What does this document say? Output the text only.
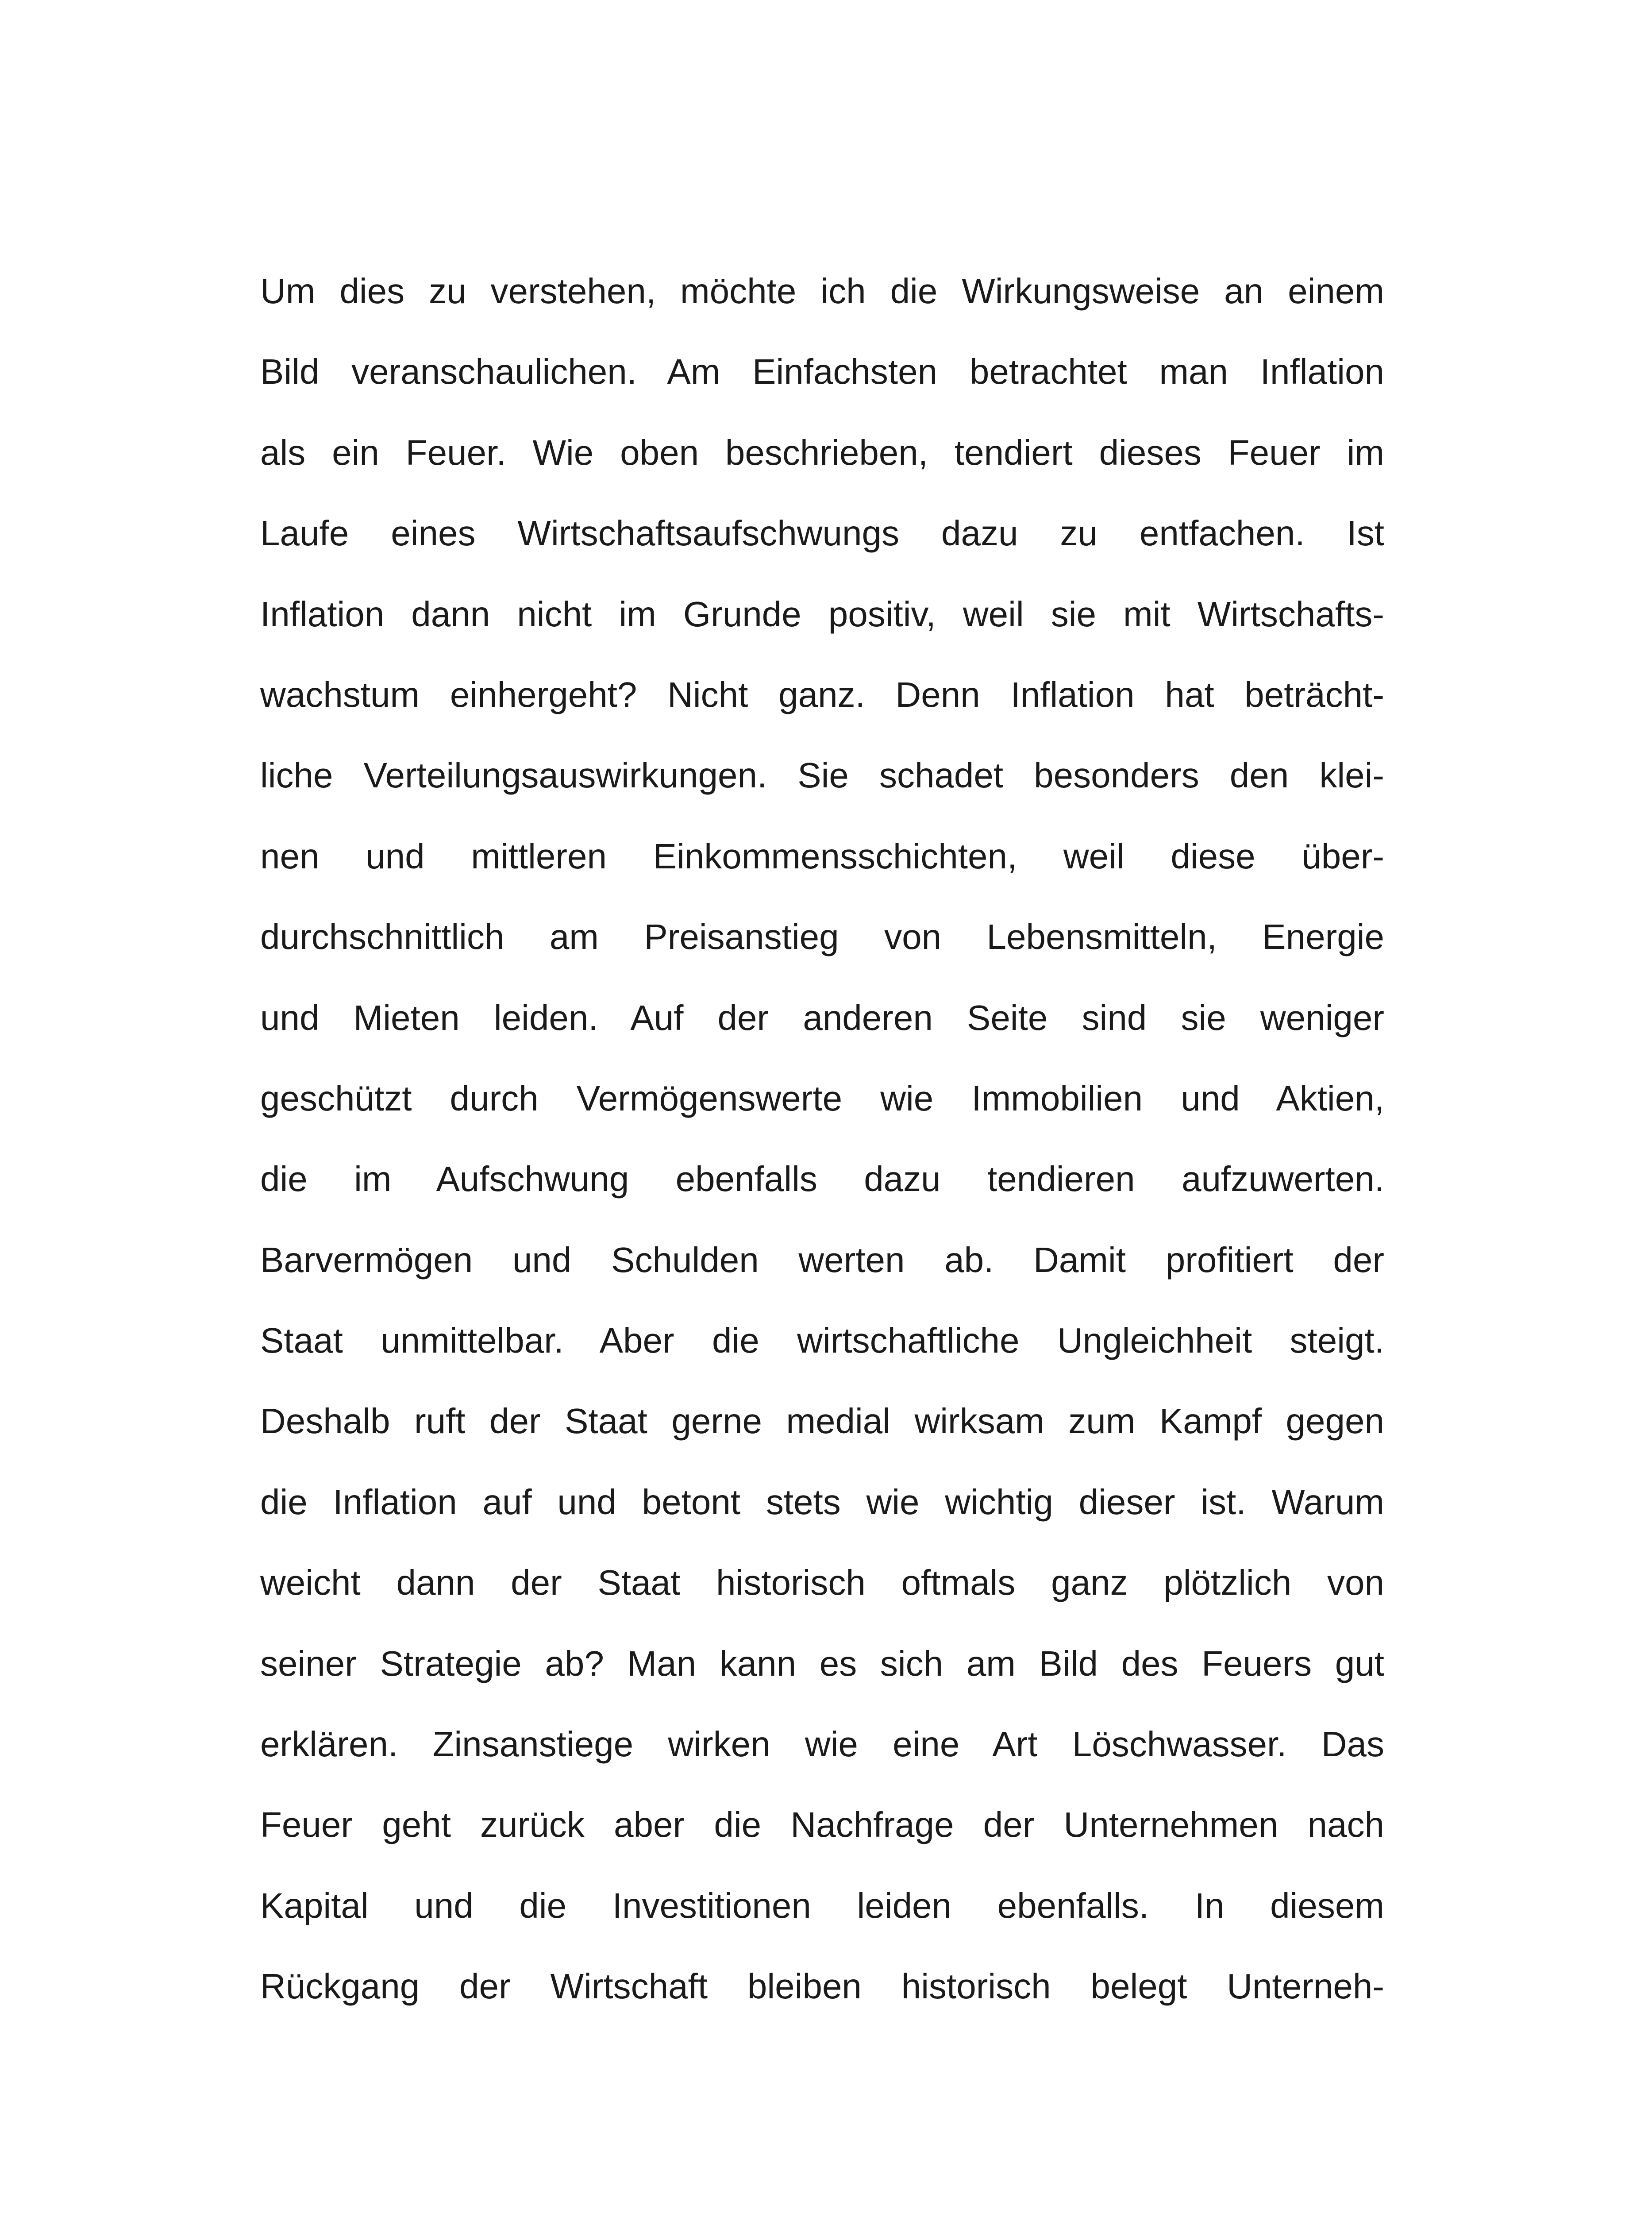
Um dies zu verstehen, möchte ich die Wirkungsweise an einem
Bild veranschaulichen. Am Einfachsten betrachtet man Inflation
als ein Feuer. Wie oben beschrieben, tendiert dieses Feuer im
Laufe eines Wirtschaftsaufschwungs dazu zu entfachen. Ist
Inflation dann nicht im Grunde positiv, weil sie mit Wirtschafts-
wachstum einhergeht? Nicht ganz. Denn Inflation hat beträcht-
liche Verteilungsauswirkungen. Sie schadet besonders den klei-
nen und mittleren Einkommensschichten, weil diese über-
durchschnittlich am Preisanstieg von Lebensmitteln, Energie
und Mieten leiden. Auf der anderen Seite sind sie weniger
geschützt durch Vermögenswerte wie Immobilien und Aktien,
die im Aufschwung ebenfalls dazu tendieren aufzuwerten.
Barvermögen und Schulden werten ab. Damit profitiert der
Staat unmittelbar. Aber die wirtschaftliche Ungleichheit steigt.
Deshalb ruft der Staat gerne medial wirksam zum Kampf gegen
die Inflation auf und betont stets wie wichtig dieser ist. Warum
weicht dann der Staat historisch oftmals ganz plötzlich von
seiner Strategie ab? Man kann es sich am Bild des Feuers gut
erklären. Zinsanstiege wirken wie eine Art Löschwasser. Das
Feuer geht zurück aber die Nachfrage der Unternehmen nach
Kapital und die Investitionen leiden ebenfalls. In diesem
Rückgang der Wirtschaft bleiben historisch belegt Unterneh-
